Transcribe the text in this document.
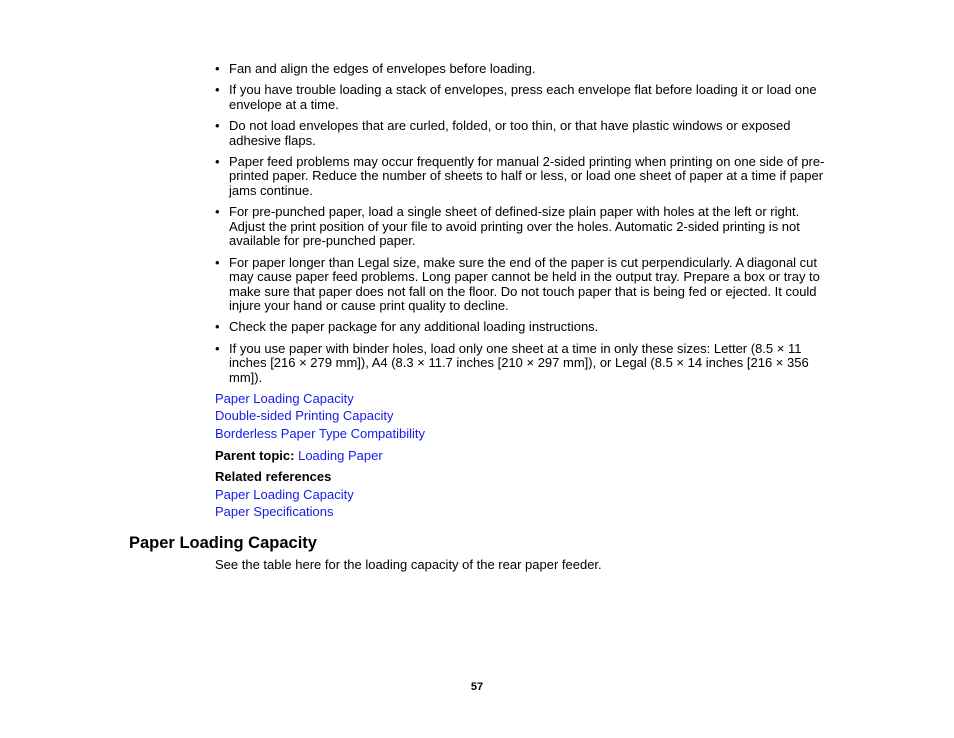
• Fan and align the edges of envelopes before loading.
• If you have trouble loading a stack of envelopes, press each envelope flat before loading it or load one envelope at a time.
• Do not load envelopes that are curled, folded, or too thin, or that have plastic windows or exposed adhesive flaps.
• Paper feed problems may occur frequently for manual 2-sided printing when printing on one side of pre-printed paper. Reduce the number of sheets to half or less, or load one sheet of paper at a time if paper jams continue.
• For pre-punched paper, load a single sheet of defined-size plain paper with holes at the left or right. Adjust the print position of your file to avoid printing over the holes. Automatic 2-sided printing is not available for pre-punched paper.
• For paper longer than Legal size, make sure the end of the paper is cut perpendicularly. A diagonal cut may cause paper feed problems. Long paper cannot be held in the output tray. Prepare a box or tray to make sure that paper does not fall on the floor. Do not touch paper that is being fed or ejected. It could injure your hand or cause print quality to decline.
• Check the paper package for any additional loading instructions.
• If you use paper with binder holes, load only one sheet at a time in only these sizes: Letter (8.5 × 11 inches [216 × 279 mm]), A4 (8.3 × 11.7 inches [210 × 297 mm]), or Legal (8.5 × 14 inches [216 × 356 mm]).
Paper Loading Capacity
Double-sided Printing Capacity
Borderless Paper Type Compatibility
Parent topic: Loading Paper
Related references
Paper Loading Capacity
Paper Specifications
Paper Loading Capacity
See the table here for the loading capacity of the rear paper feeder.
57
